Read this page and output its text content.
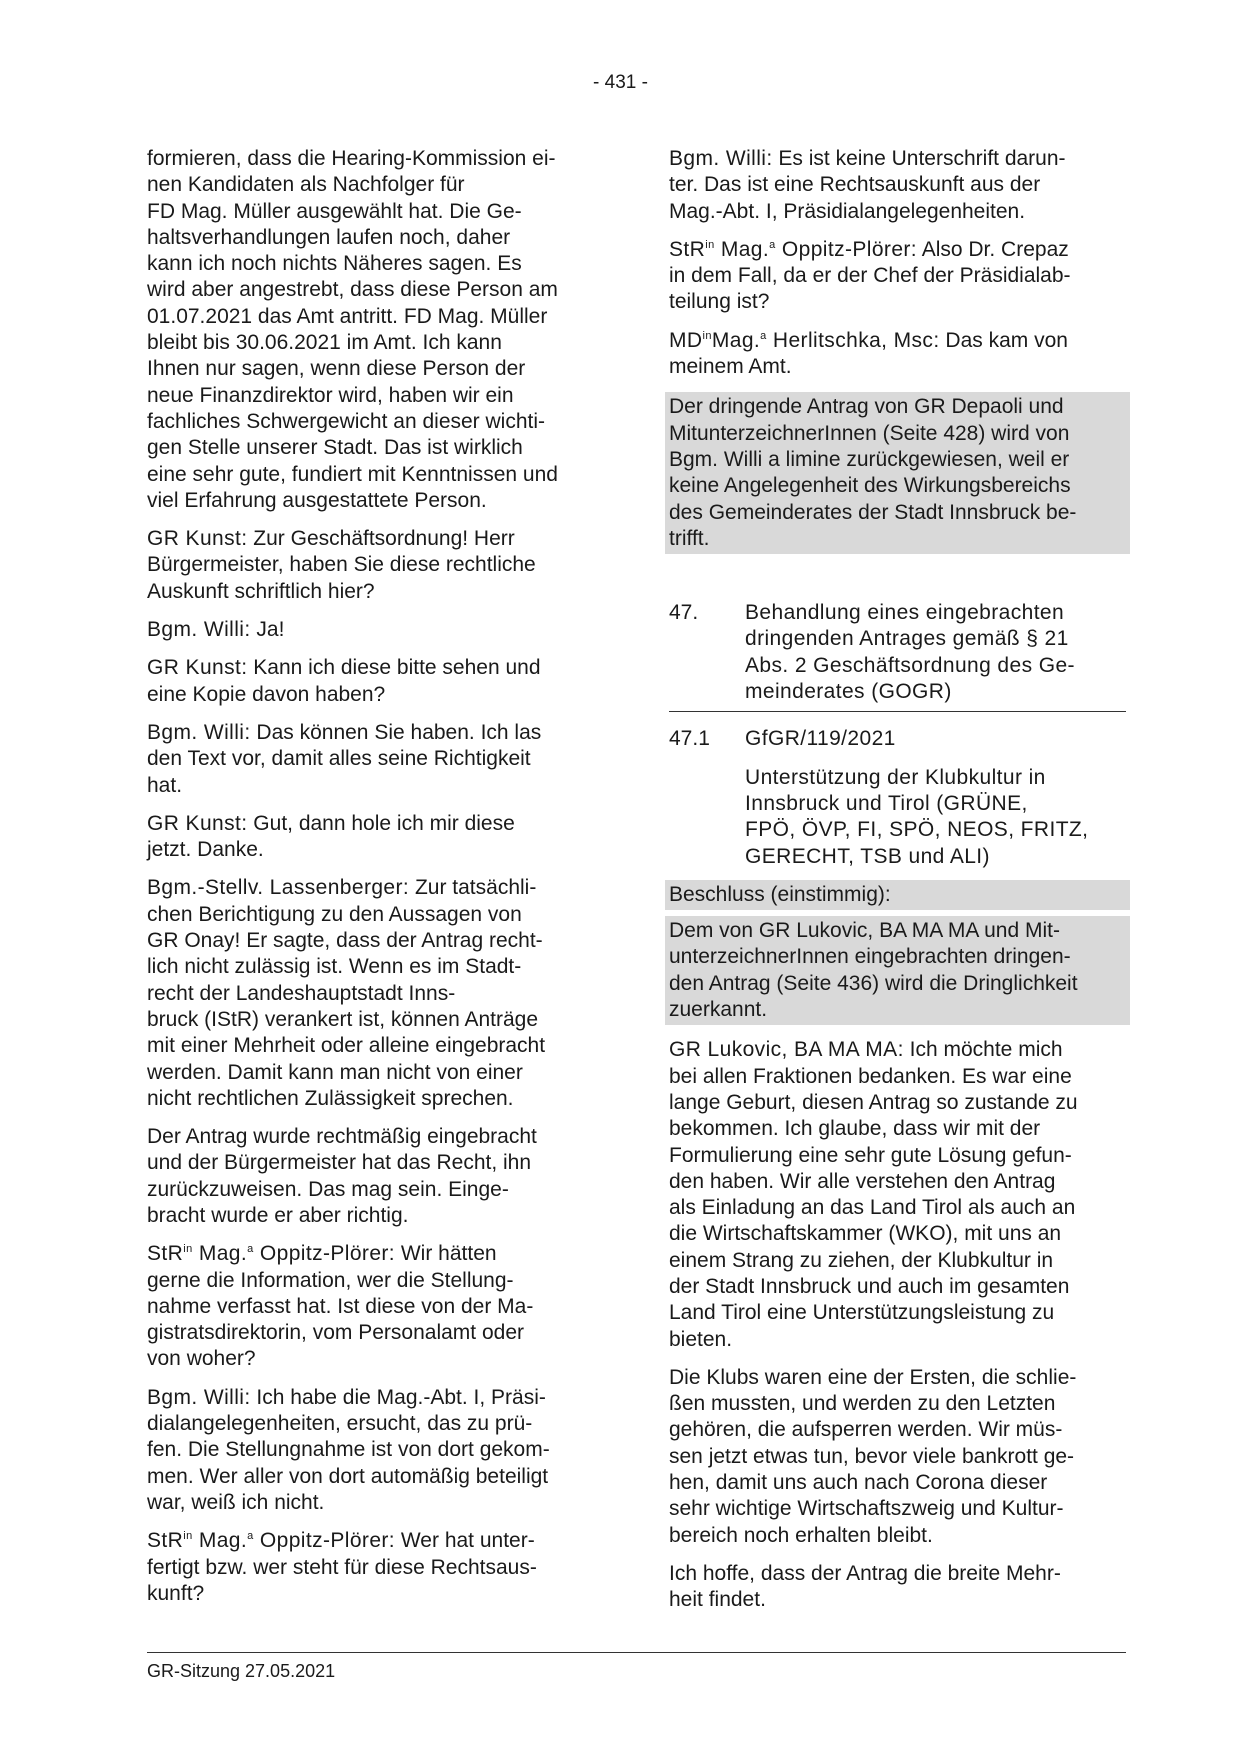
- 431 -

formieren, dass die Hearing-Kommission ei-
nen Kandidaten als Nachfolger für
FD Mag. Müller ausgewählt hat. Die Ge-
haltsverhandlungen laufen noch, daher
kann ich noch nichts Näheres sagen. Es
wird aber angestrebt, dass diese Person am
01.07.2021 das Amt antritt. FD Mag. Müller
bleibt bis 30.06.2021 im Amt. Ich kann
Ihnen nur sagen, wenn diese Person der
neue Finanzdirektor wird, haben wir ein
fachliches Schwergewicht an dieser wichti-
gen Stelle unserer Stadt. Das ist wirklich
eine sehr gute, fundiert mit Kenntnissen und
viel Erfahrung ausgestattete Person.

GR Kunst: Zur Geschäftsordnung! Herr
Bürgermeister, haben Sie diese rechtliche
Auskunft schriftlich hier?

Bgm. Willi: Ja!

GR Kunst: Kann ich diese bitte sehen und
eine Kopie davon haben?

Bgm. Willi: Das können Sie haben. Ich las
den Text vor, damit alles seine Richtigkeit
hat.

GR Kunst: Gut, dann hole ich mir diese
jetzt. Danke.

Bgm.-Stellv. Lassenberger: Zur tatsächli-
chen Berichtigung zu den Aussagen von
GR Onay! Er sagte, dass der Antrag recht-
lich nicht zulässig ist. Wenn es im Stadt-
recht der Landeshauptstadt Inns-
bruck (IStR) verankert ist, können Anträge
mit einer Mehrheit oder alleine eingebracht
werden. Damit kann man nicht von einer
nicht rechtlichen Zulässigkeit sprechen.

Der Antrag wurde rechtmäßig eingebracht
und der Bürgermeister hat das Recht, ihn
zurückzuweisen. Das mag sein. Einge-
bracht wurde er aber richtig.

StR$^{in}$ Mag.$^a$ Oppitz-Plörer: Wir hätten
gerne die Information, wer die Stellung-
nahme verfasst hat. Ist diese von der Ma-
gistratsdirektorin, vom Personalamt oder
von woher?

Bgm. Willi: Ich habe die Mag.-Abt. I, Präsi-
dialangelegenheiten, ersucht, das zu prü-
fen. Die Stellungnahme ist von dort gekom-
men. Wer aller von dort automäßig beteiligt
war, weiß ich nicht.

StR$^{in}$ Mag.$^a$ Oppitz-Plörer: Wer hat unter-
fertigt bzw. wer steht für diese Rechtsaus-
kunft?

Bgm. Willi: Es ist keine Unterschrift darun-
ter. Das ist eine Rechtsauskunft aus der
Mag.-Abt. I, Präsidialangelegenheiten.

StR$^{in}$ Mag.$^a$ Oppitz-Plörer: Also Dr. Crepaz
in dem Fall, da er der Chef der Präsidialab-
teilung ist?

$MD^{in}Mag.^a$ Herlitschka, Msc: Das kam von
meinem Amt.

Der dringende Antrag von GR Depaoli und
MitunterzeichnerInnen (Seite 428) wird von
Bgm. Willi a limine zurückgewiesen, weil er
keine Angelegenheit des Wirkungsbereichs
des Gemeinderates der Stadt Innsbruck be-
trifft.

47.	Behandlung eines eingebrachten
dringenden Antrages gemäß § 21
Abs. 2 Geschäftsordnung des Ge-
meinderates (GOGR)
47.1	GfGR/119/2021
Unterstützung der Klubkultur in
Innsbruck und Tirol (GRÜNE,
FPÖ, ÖVP, FI, SPÖ, NEOS, FRITZ,
GERECHT, TSB und ALI)

Beschluss (einstimmig):

Dem von GR Lukovic, BA MA MA und Mit-
unterzeichnerInnen eingebrachten dringen-
den Antrag (Seite 436) wird die Dringlichkeit
zuerkannt.

GR Lukovic, BA MA MA: Ich möchte mich
bei allen Fraktionen bedanken. Es war eine
lange Geburt, diesen Antrag so zustande zu
bekommen. Ich glaube, dass wir mit der
Formulierung eine sehr gute Lösung gefun-
den haben. Wir alle verstehen den Antrag
als Einladung an das Land Tirol als auch an
die Wirtschaftskammer (WKO), mit uns an
einem Strang zu ziehen, der Klubkultur in
der Stadt Innsbruck und auch im gesamten
Land Tirol eine Unterstützungsleistung zu
bieten.

Die Klubs waren eine der Ersten, die schlie-
ßen mussten, und werden zu den Letzten
gehören, die aufsperren werden. Wir müs-
sen jetzt etwas tun, bevor viele bankrott ge-
hen, damit uns auch nach Corona dieser
sehr wichtige Wirtschaftszweig und Kultur-
bereich noch erhalten bleibt.

Ich hoffe, dass der Antrag die breite Mehr-
heit findet.

GR-Sitzung 27.05.2021
